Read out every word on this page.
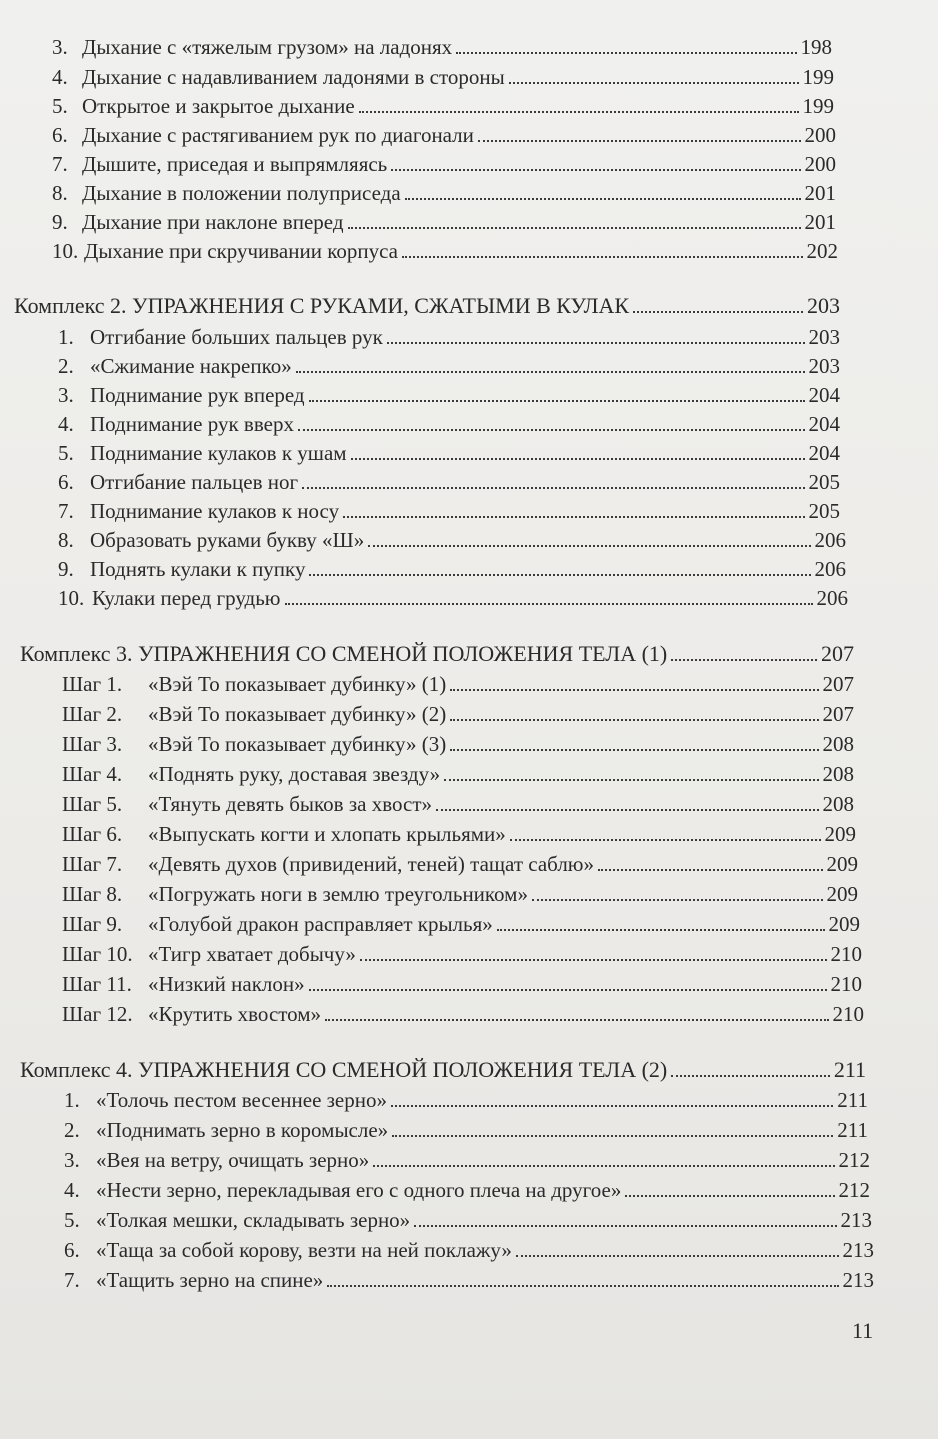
3. Дыхание с «тяжелым грузом» на ладонях	198
4. Дыхание с надавливанием ладонями в стороны	199
5. Открытое и закрытое дыхание	199
6. Дыхание с растягиванием рук по диагонали	200
7. Дышите, приседая и выпрямляясь	200
8. Дыхание в положении полуприседа	201
9. Дыхание при наклоне вперед	201
10. Дыхание при скручивании корпуса	202
Комплекс 2. УПРАЖНЕНИЯ С РУКАМИ, СЖАТЫМИ В КУЛАК	203
1. Отгибание больших пальцев рук	203
2. «Сжимание накрепко»	203
3. Поднимание рук вперед	204
4. Поднимание рук вверх	204
5. Поднимание кулаков к ушам	204
6. Отгибание пальцев ног	205
7. Поднимание кулаков к носу	205
8. Образовать руками букву «Ш»	206
9. Поднять кулаки к пупку	206
10. Кулаки перед грудью	206
Комплекс 3. УПРАЖНЕНИЯ СО СМЕНОЙ ПОЛОЖЕНИЯ ТЕЛА (1)	207
Шаг 1.	«Вэй То показывает дубинку» (1)	207
Шаг 2.	«Вэй То показывает дубинку» (2)	207
Шаг 3.	«Вэй То показывает дубинку» (3)	208
Шаг 4.	«Поднять руку, доставая звезду»	208
Шаг 5.	«Тянуть девять быков за хвост»	208
Шаг 6.	«Выпускать когти и хлопать крыльями»	209
Шаг 7.	«Девять духов (привидений, теней) тащат саблю»	209
Шаг 8.	«Погружать ноги в землю треугольником»	209
Шаг 9.	«Голубой дракон расправляет крылья»	209
Шаг 10. «Тигр хватает добычу»	210
Шаг 11. «Низкий наклон»	210
Шаг 12. «Крутить хвостом»	210
Комплекс 4. УПРАЖНЕНИЯ СО СМЕНОЙ ПОЛОЖЕНИЯ ТЕЛА (2)	211
1. «Толочь пестом весеннее зерно»	211
2. «Поднимать зерно в коромысле»	211
3. «Вея на ветру, очищать зерно»	212
4. «Нести зерно, перекладывая его с одного плеча на другое»	212
5. «Толкая мешки, складывать зерно»	213
6. «Таща за собой корову, везти на ней поклажу»	213
7. «Тащить зерно на спине»	213
11
